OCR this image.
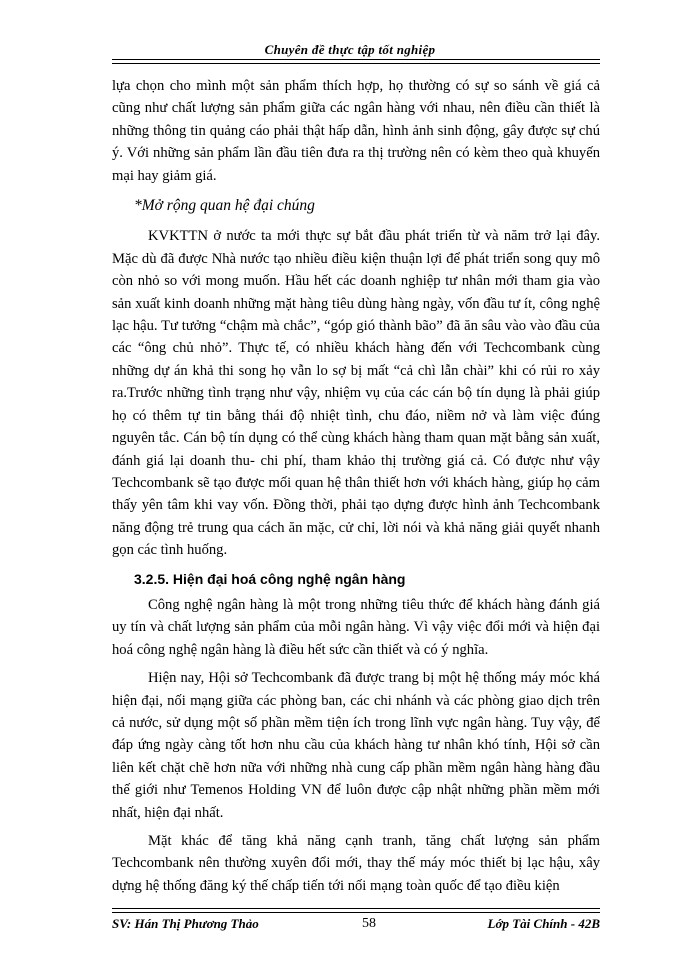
Chuyên đề thực tập tốt nghiệp

lựa chọn cho mình một sản phẩm thích hợp, họ thường có sự so sánh về giá cả cũng như chất lượng sản phẩm giữa các ngân hàng với nhau, nên điều cần thiết là những thông tin quảng cáo phải thật hấp dẫn, hình ảnh sinh động, gây được sự chú ý. Với những sản phẩm lần đầu tiên đưa ra thị trường nên có kèm theo quà khuyến mại hay giảm giá.

*Mở rộng quan hệ đại chúng

KVKTTN ở nước ta mới thực sự bắt đầu phát triển từ và năm trở lại đây. Mặc dù đã được Nhà nước tạo nhiều điều kiện thuận lợi để phát triển song quy mô còn nhỏ so với mong muốn. Hầu hết các doanh nghiệp tư nhân mới tham gia vào sản xuất kinh doanh những mặt hàng tiêu dùng hàng ngày, vốn đầu tư ít, công nghệ lạc hậu. Tư tưởng “chậm mà chắc”, “góp gió thành bão” đã ăn sâu vào vào đầu của các “ông chủ nhỏ”. Thực tế, có nhiều khách hàng đến với Techcombank cùng những dự án khả thi song họ vẫn lo sợ bị mất “cả chì lẫn chài” khi có rủi ro xảy ra.Trước những tình trạng như vậy, nhiệm vụ của các cán bộ tín dụng là phải giúp họ có thêm tự tin bằng thái độ nhiệt tình, chu đáo, niềm nở và làm việc đúng nguyên tắc. Cán bộ tín dụng có thể cùng khách hàng tham quan mặt bằng sản xuất, đánh giá lại doanh thu- chi phí, tham khảo thị trường giá cả. Có được như vậy Techcombank sẽ tạo được mối quan hệ thân thiết hơn với khách hàng, giúp họ cảm thấy yên tâm khi vay vốn. Đồng thời, phải tạo dựng được hình ảnh Techcombank năng động trẻ trung qua cách ăn mặc, cử chỉ, lời nói và khả năng giải quyết nhanh gọn các tình huống.

3.2.5. Hiện đại hoá công nghệ ngân hàng

Công nghệ ngân hàng là một trong những tiêu thức để khách hàng đánh giá uy tín và chất lượng sản phẩm của mỗi ngân hàng. Vì vậy việc đổi mới và hiện đại hoá công nghệ ngân hàng là điều hết sức cần thiết và có ý nghĩa.

Hiện nay, Hội sở Techcombank đã được trang bị một hệ thống máy móc khá hiện đại, nối mạng giữa các phòng ban, các chi nhánh và các phòng giao dịch trên cả nước, sử dụng một số phần mềm tiện ích trong lĩnh vực ngân hàng. Tuy vậy, để đáp ứng ngày càng tốt hơn nhu cầu của khách hàng tư nhân khó tính, Hội sở cần liên kết chặt chẽ hơn nữa với những nhà cung cấp phần mềm ngân hàng hàng đầu thế giới như Temenos Holding VN để luôn được cập nhật những phần mềm mới nhất, hiện đại nhất.

Mặt khác để tăng khả năng cạnh tranh, tăng chất lượng sản phẩm Techcombank nên thường xuyên đổi mới, thay thế máy móc thiết bị lạc hậu, xây dựng hệ thống đăng ký thế chấp tiến tới nối mạng toàn quốc để tạo điều kiện

SV: Hán Thị Phương Thảo	58	Lớp Tài Chính - 42B
